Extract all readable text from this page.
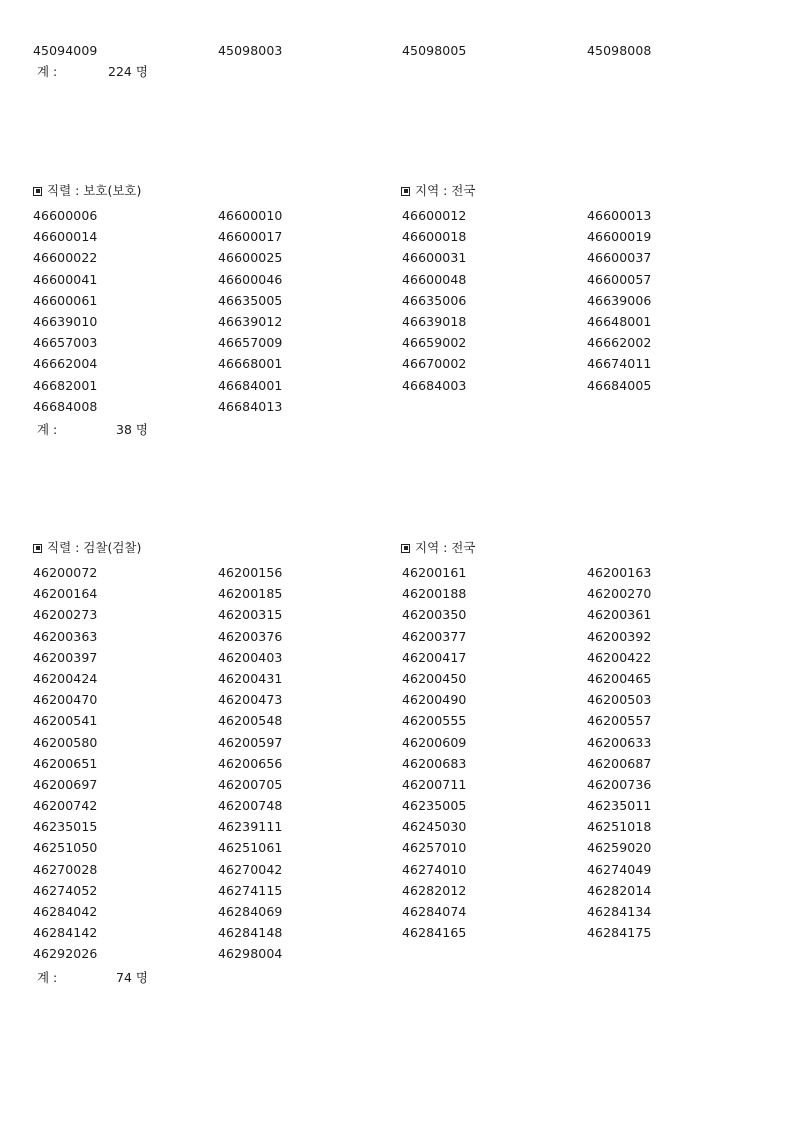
45094009	45098003	45098005	45098008
계 :	224 명
직렬 : 보호(보호)	지역 : 전국
46600006	46600010	46600012	46600013
46600014	46600017	46600018	46600019
46600022	46600025	46600031	46600037
46600041	46600046	46600048	46600057
46600061	46635005	46635006	46639006
46639010	46639012	46639018	46648001
46657003	46657009	46659002	46662002
46662004	46668001	46670002	46674011
46682001	46684001	46684003	46684005
46684008	46684013
계 :	38 명
직렬 : 검찰(검찰)	지역 : 전국
46200072	46200156	46200161	46200163
46200164	46200185	46200188	46200270
46200273	46200315	46200350	46200361
46200363	46200376	46200377	46200392
46200397	46200403	46200417	46200422
46200424	46200431	46200450	46200465
46200470	46200473	46200490	46200503
46200541	46200548	46200555	46200557
46200580	46200597	46200609	46200633
46200651	46200656	46200683	46200687
46200697	46200705	46200711	46200736
46200742	46200748	46235005	46235011
46235015	46239111	46245030	46251018
46251050	46251061	46257010	46259020
46270028	46270042	46274010	46274049
46274052	46274115	46282012	46282014
46284042	46284069	46284074	46284134
46284142	46284148	46284165	46284175
46292026	46298004
계 :	74 명
